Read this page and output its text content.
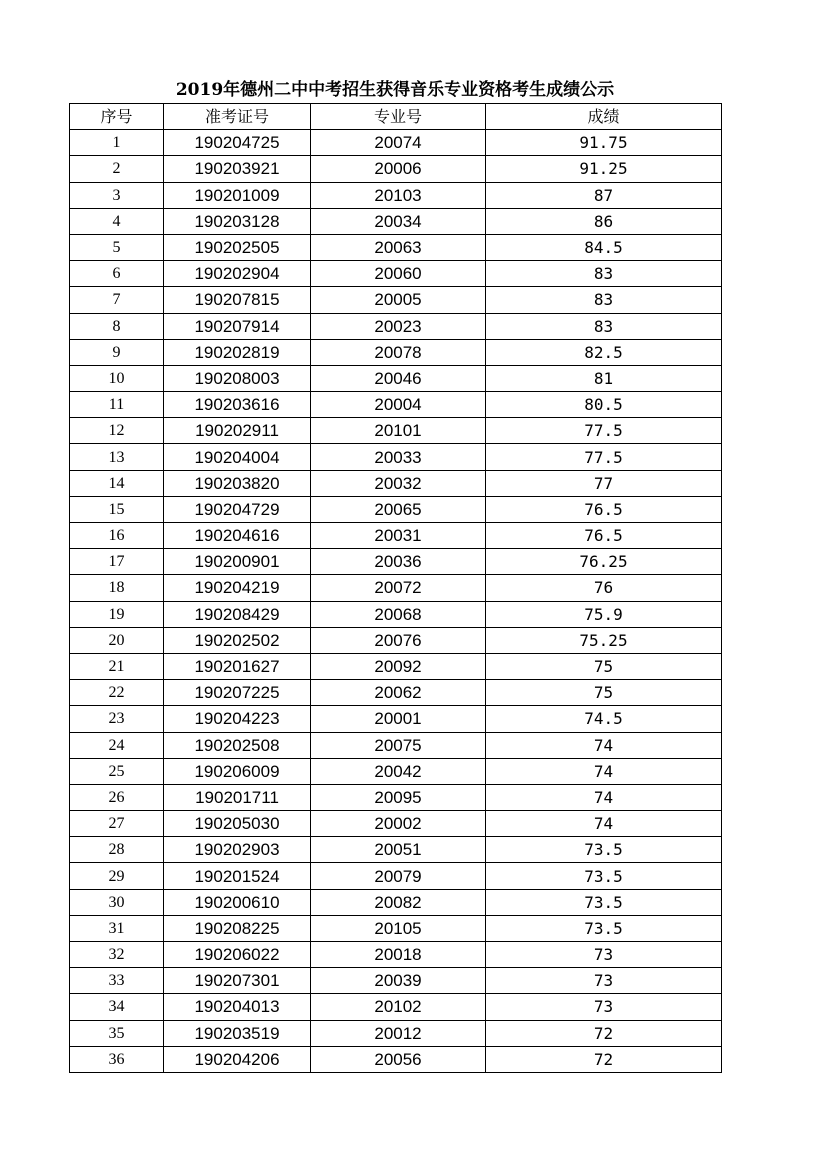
2019年德州二中中考招生获得音乐专业资格考生成绩公示
序号	准考证号	专业号	成绩
1	190204725	20074	91.75
2	190203921	20006	91.25
3	190201009	20103	87
4	190203128	20034	86
5	190202505	20063	84.5
6	190202904	20060	83
7	190207815	20005	83
8	190207914	20023	83
9	190202819	20078	82.5
10	190208003	20046	81
11	190203616	20004	80.5
12	190202911	20101	77.5
13	190204004	20033	77.5
14	190203820	20032	77
15	190204729	20065	76.5
16	190204616	20031	76.5
17	190200901	20036	76.25
18	190204219	20072	76
19	190208429	20068	75.9
20	190202502	20076	75.25
21	190201627	20092	75
22	190207225	20062	75
23	190204223	20001	74.5
24	190202508	20075	74
25	190206009	20042	74
26	190201711	20095	74
27	190205030	20002	74
28	190202903	20051	73.5
29	190201524	20079	73.5
30	190200610	20082	73.5
31	190208225	20105	73.5
32	190206022	20018	73
33	190207301	20039	73
34	190204013	20102	73
35	190203519	20012	72
36	190204206	20056	72
